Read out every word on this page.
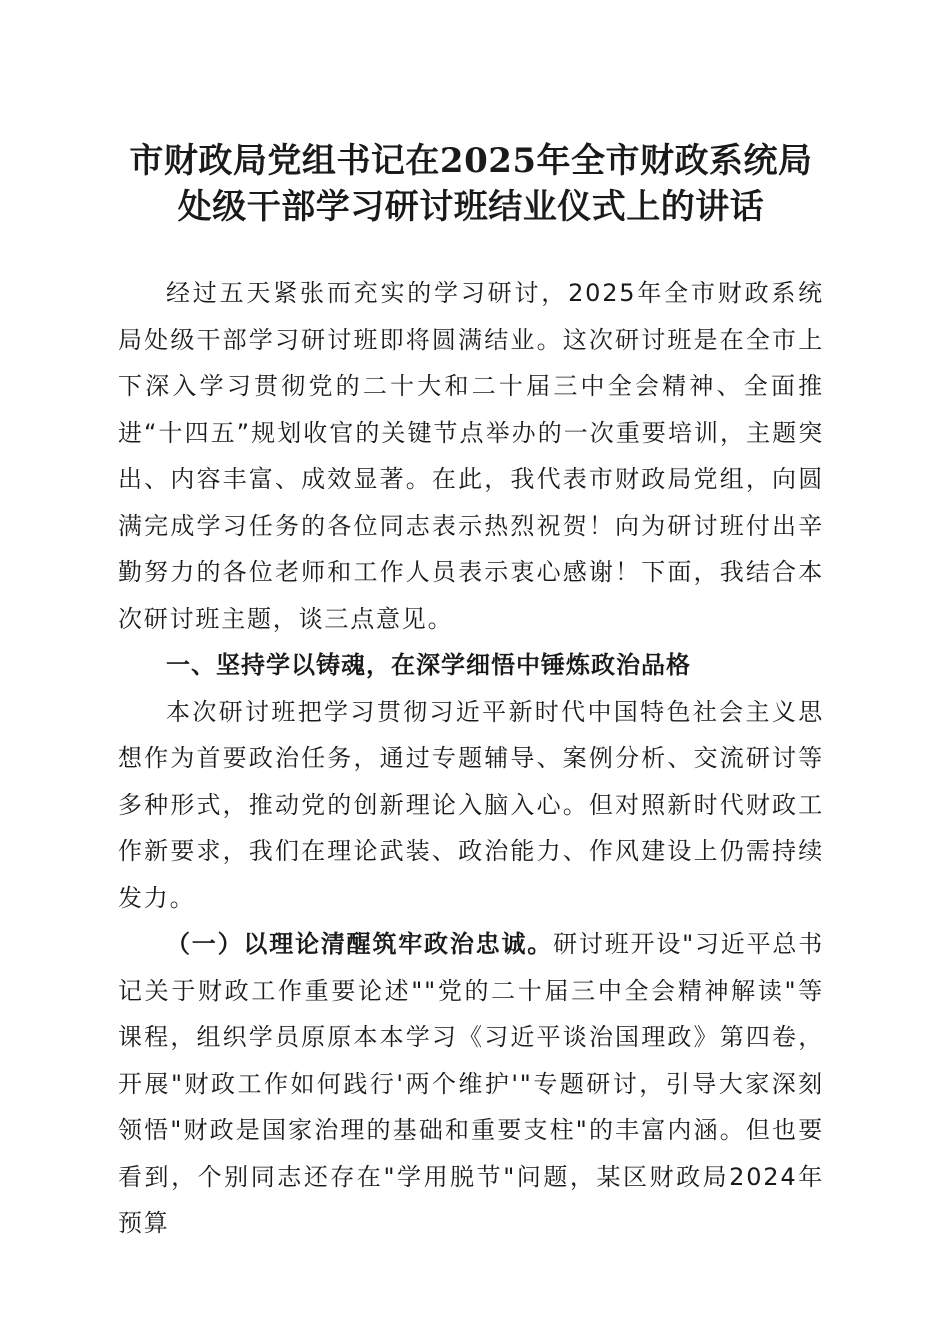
市财政局党组书记在2025年全市财政系统局
处级干部学习研讨班结业仪式上的讲话

经过五天紧张而充实的学习研讨，2025年全市财政系统局处级干部学习研讨班即将圆满结业。这次研讨班是在全市上下深入学习贯彻党的二十大和二十届三中全会精神、全面推进“十四五”规划收官的关键节点举办的一次重要培训，主题突出、内容丰富、成效显著。在此，我代表市财政局党组，向圆满完成学习任务的各位同志表示热烈祝贺！向为研讨班付出辛勤努力的各位老师和工作人员表示衷心感谢！下面，我结合本次研讨班主题，谈三点意见。

一、坚持学以铸魂，在深学细悟中锤炼政治品格

本次研讨班把学习贯彻习近平新时代中国特色社会主义思想作为首要政治任务，通过专题辅导、案例分析、交流研讨等多种形式，推动党的创新理论入脑入心。但对照新时代财政工作新要求，我们在理论武装、政治能力、作风建设上仍需持续发力。

（一）以理论清醒筑牢政治忠诚。研讨班开设"习近平总书记关于财政工作重要论述""党的二十届三中全会精神解读"等课程，组织学员原原本本学习《习近平谈治国理政》第四卷，开展"财政工作如何践行'两个维护'"专题研讨，引导大家深刻领悟"财政是国家治理的基础和重要支柱"的丰富内涵。但也要看到，个别同志还存在"学用脱节"问题，某区财政局2024年预算
